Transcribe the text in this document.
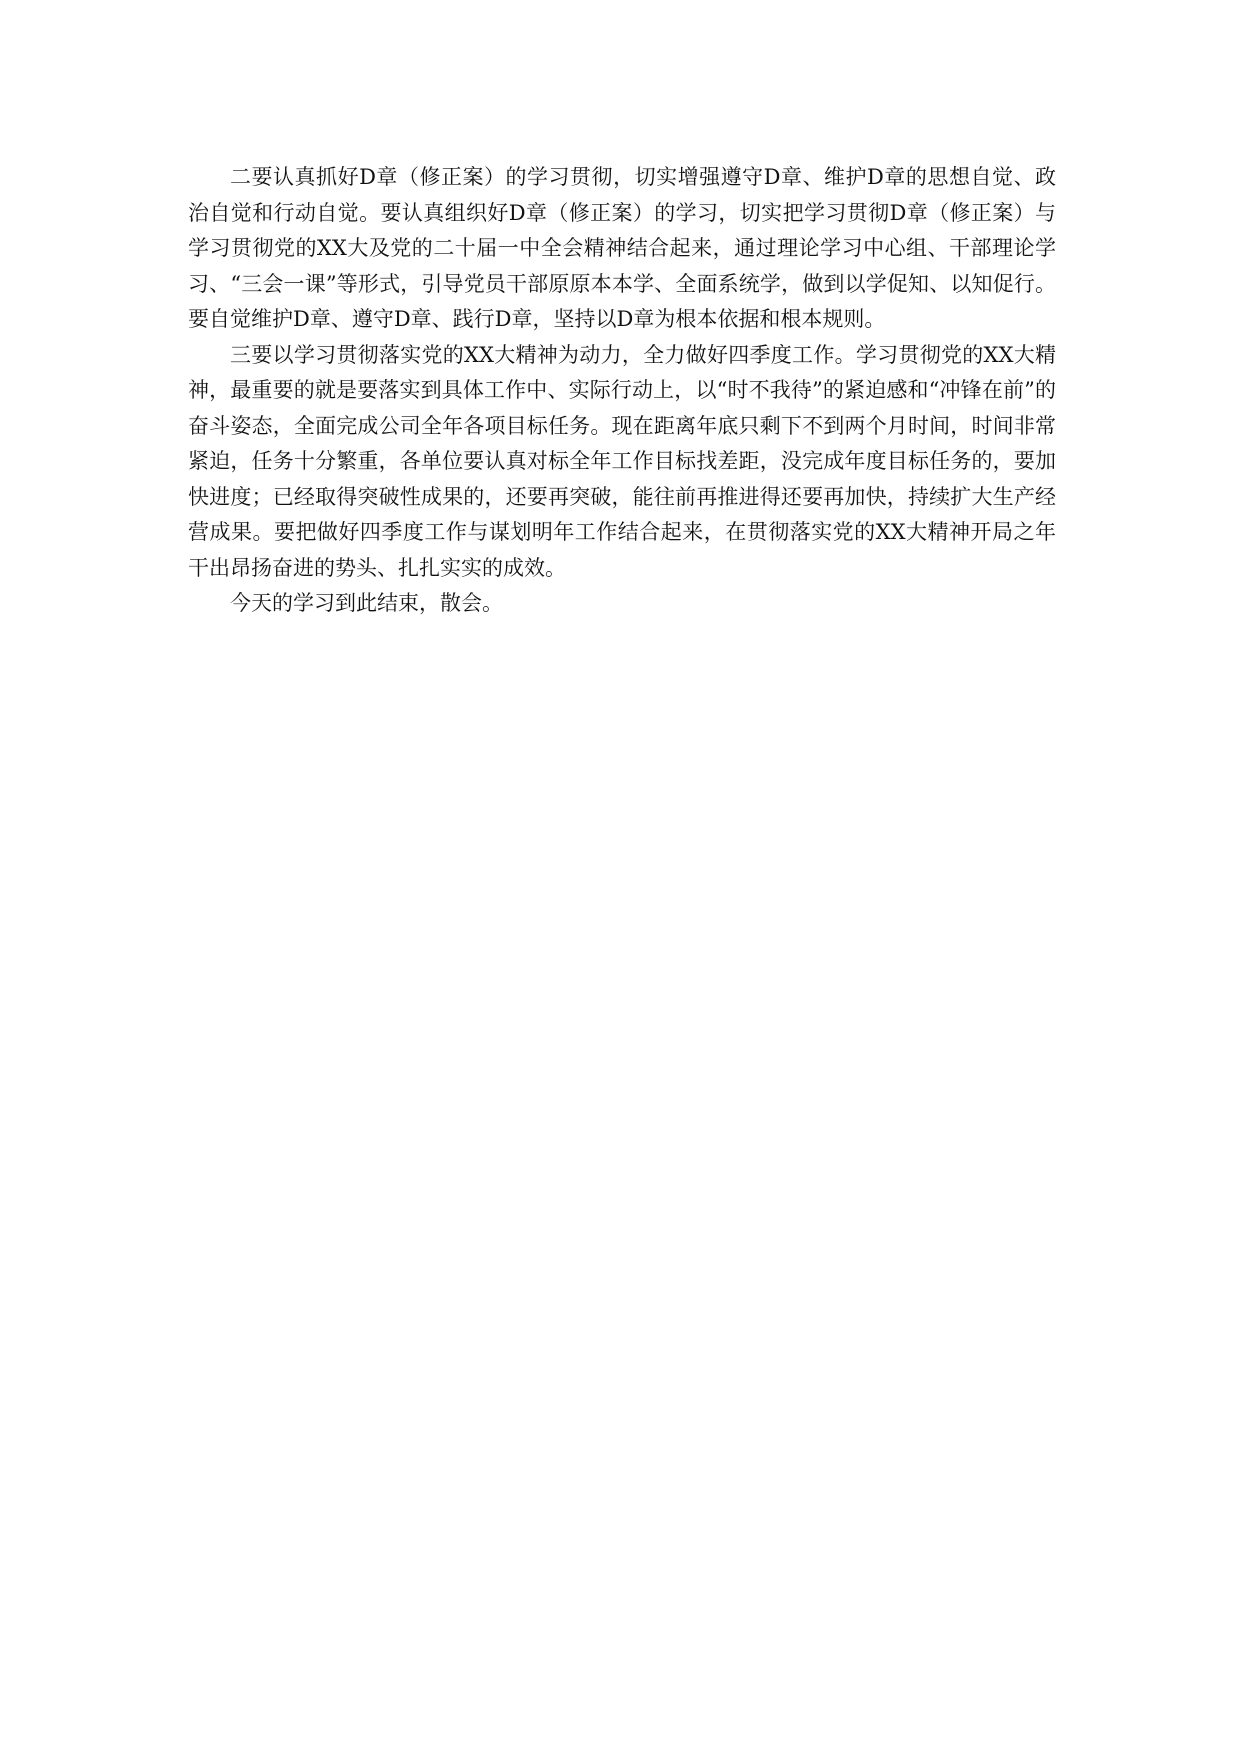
二要认真抓好D章（修正案）的学习贯彻，切实增强遵守D章、维护D章的思想自觉、政治自觉和行动自觉。要认真组织好D章（修正案）的学习，切实把学习贯彻D章（修正案）与学习贯彻党的XX大及党的二十届一中全会精神结合起来，通过理论学习中心组、干部理论学习、“三会一课”等形式，引导党员干部原原本本学、全面系统学，做到以学促知、以知促行。要自觉维护D章、遵守D章、践行D章，坚持以D章为根本依据和根本规则。

三要以学习贯彻落实党的XX大精神为动力，全力做好四季度工作。学习贯彻党的XX大精神，最重要的就是要落实到具体工作中、实际行动上，以“时不我待”的紧迫感和“冲锋在前”的奋斗姿态，全面完成公司全年各项目标任务。现在距离年底只剩下不到两个月时间，时间非常紧迫，任务十分繁重，各单位要认真对标全年工作目标找差距，没完成年度目标任务的，要加快进度；已经取得突破性成果的，还要再突破，能往前再推进得还要再加快，持续扩大生产经营成果。要把做好四季度工作与谋划明年工作结合起来，在贯彻落实党的XX大精神开局之年干出昂扬奋进的势头、扎扎实实的成效。

今天的学习到此结束，散会。
